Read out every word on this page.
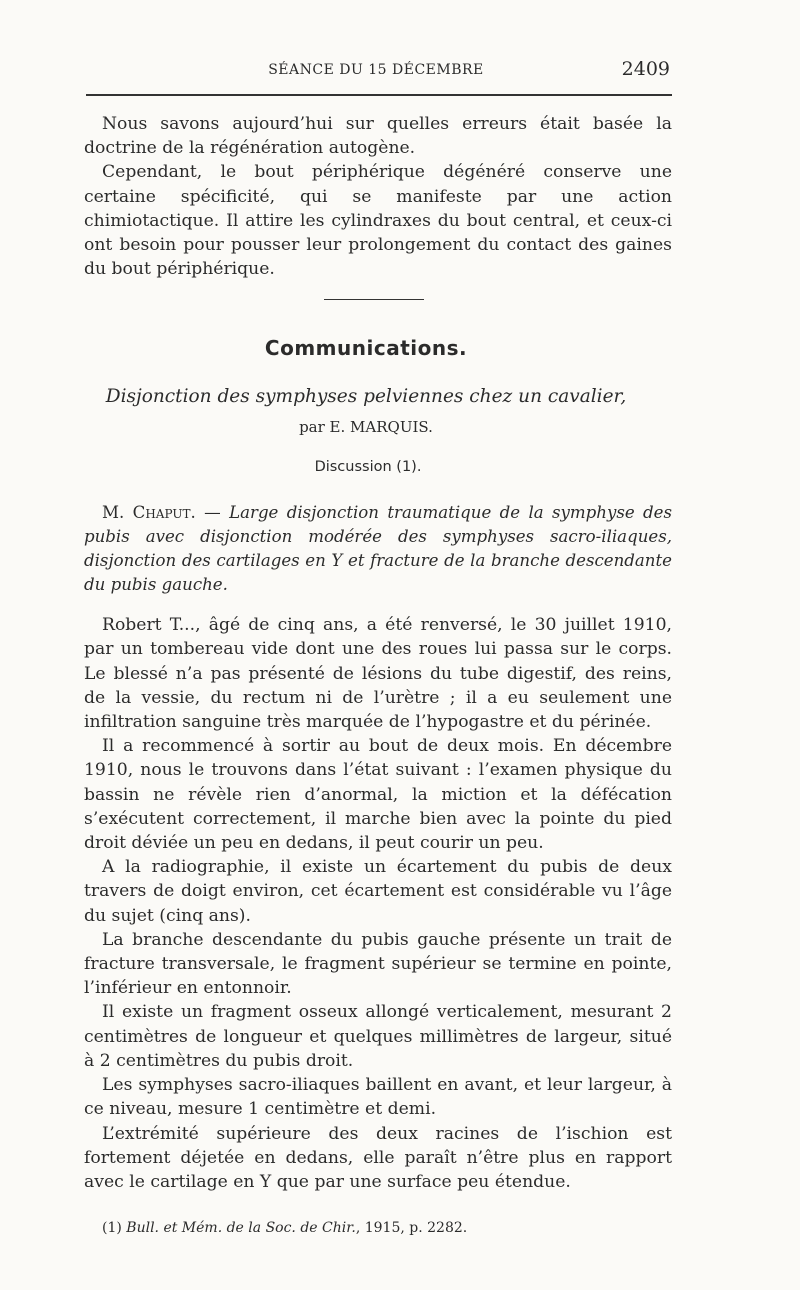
SÉANCE DU 15 DÉCEMBRE	2409

Nous savons aujourd’hui sur quelles erreurs était basée la doctrine de la régénération autogène.

Cependant, le bout périphérique dégénéré conserve une certaine spécificité, qui se manifeste par une action chimiotactique. Il attire les cylindraxes du bout central, et ceux-ci ont besoin pour pousser leur prolongement du contact des gaines du bout périphérique.

Communications.
Disjonction des symphyses pelviennes chez un cavalier,
par E. MARQUIS.
Discussion (1).

M. Chaput. — Large disjonction traumatique de la symphyse des pubis avec disjonction modérée des symphyses sacro-iliaques, disjonction des cartilages en Y et fracture de la branche descendante du pubis gauche.

Robert T..., âgé de cinq ans, a été renversé, le 30 juillet 1910, par un tombereau vide dont une des roues lui passa sur le corps. Le blessé n’a pas présenté de lésions du tube digestif, des reins, de la vessie, du rectum ni de l’urètre ; il a eu seulement une infiltration sanguine très marquée de l’hypogastre et du périnée.

Il a recommencé à sortir au bout de deux mois. En décembre 1910, nous le trouvons dans l’état suivant : l’examen physique du bassin ne révèle rien d’anormal, la miction et la défécation s’exécutent correctement, il marche bien avec la pointe du pied droit déviée un peu en dedans, il peut courir un peu.

A la radiographie, il existe un écartement du pubis de deux travers de doigt environ, cet écartement est considérable vu l’âge du sujet (cinq ans).

La branche descendante du pubis gauche présente un trait de fracture transversale, le fragment supérieur se termine en pointe, l’inférieur en entonnoir.

Il existe un fragment osseux allongé verticalement, mesurant 2 centimètres de longueur et quelques millimètres de largeur, situé à 2 centimètres du pubis droit.

Les symphyses sacro-iliaques baillent en avant, et leur largeur, à ce niveau, mesure 1 centimètre et demi.

L’extrémité supérieure des deux racines de l’ischion est fortement déjetée en dedans, elle paraît n’être plus en rapport avec le cartilage en Y que par une surface peu étendue.

(1) Bull. et Mém. de la Soc. de Chir., 1915, p. 2282.
